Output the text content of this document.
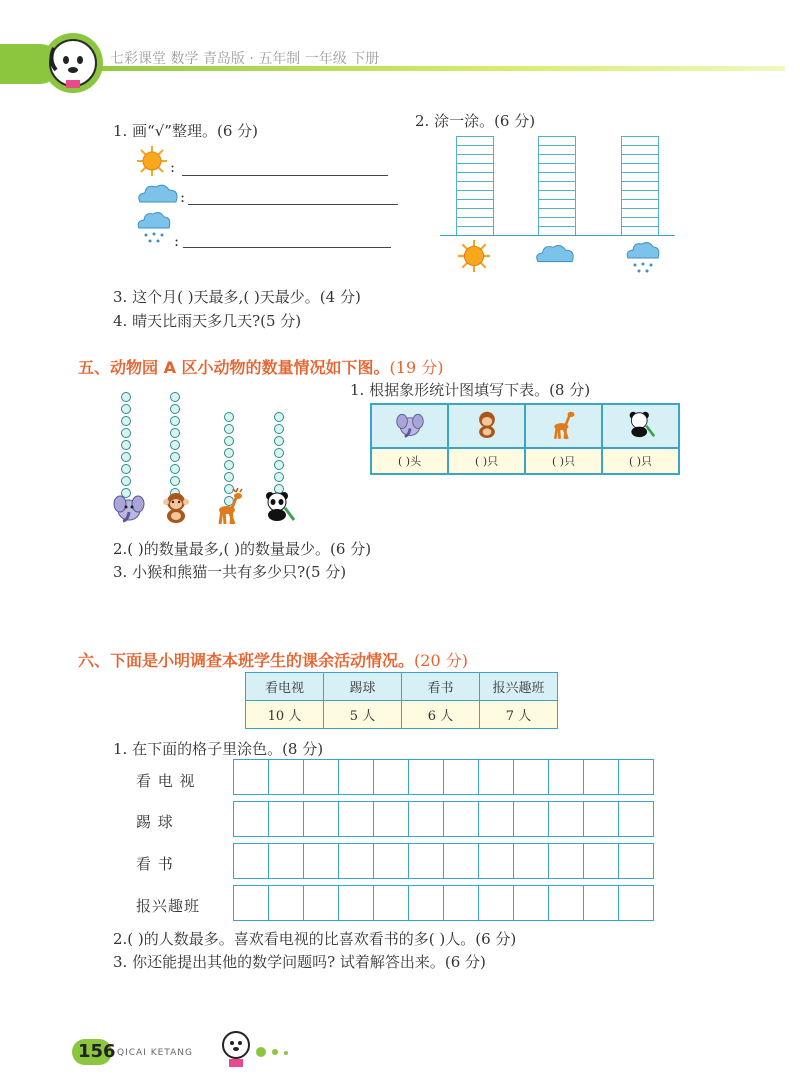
七彩课堂 数学 青岛版 · 五年制 一年级 下册
1. 画“√”整理。(6 分)
2. 涂一涂。(6 分)
:
:
:
3. 这个月( )天最多,( )天最少。(4 分)
4. 晴天比雨天多几天?(5 分)
五、动物园 A 区小动物的数量情况如下图。(19 分)
1. 根据象形统计图填写下表。(8 分)

( )头	( )只	( )只	( )只
2.( )的数量最多,( )的数量最少。(6 分)
3. 小猴和熊猫一共有多少只?(5 分)
六、下面是小明调查本班学生的课余活动情况。(20 分)
看电视	踢球	看书	报兴趣班
10 人	5 人	6 人	7 人
1. 在下面的格子里涂色。(8 分)
看 电 视
踢 球
看 书
报兴趣班
2.( )的人数最多。喜欢看电视的比喜欢看书的多( )人。(6 分)
3. 你还能提出其他的数学问题吗? 试着解答出来。(6 分)
156 QICAI KETANG
